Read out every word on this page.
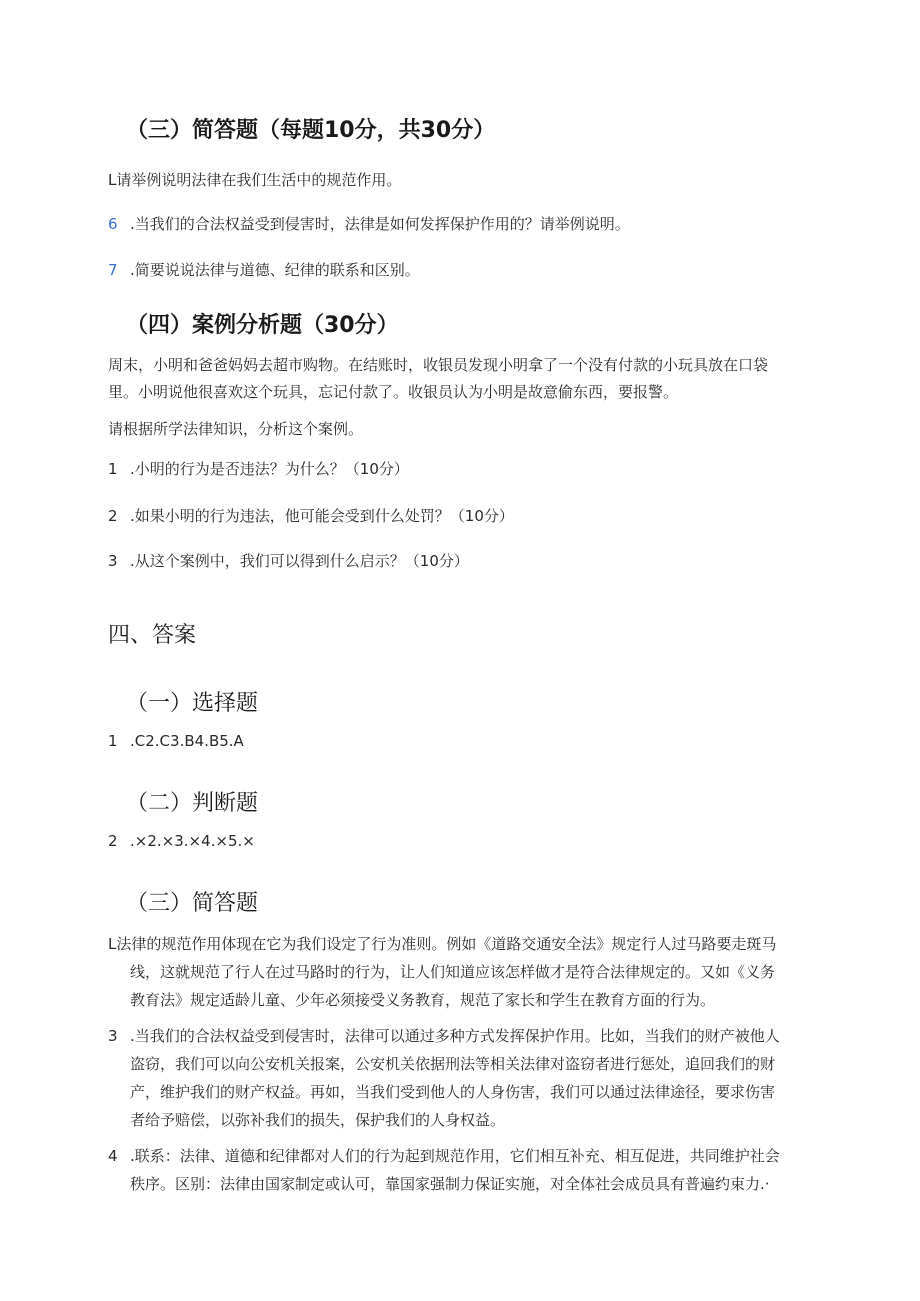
（三）简答题（每题10分，共30分）
L请举例说明法律在我们生活中的规范作用。
6 .当我们的合法权益受到侵害时，法律是如何发挥保护作用的？请举例说明。
7 .简要说说法律与道德、纪律的联系和区别。
（四）案例分析题（30分）
周末，小明和爸爸妈妈去超市购物。在结账时，收银员发现小明拿了一个没有付款的小玩具放在口袋
里。小明说他很喜欢这个玩具，忘记付款了。收银员认为小明是故意偷东西，要报警。
请根据所学法律知识，分析这个案例。
1 .小明的行为是否违法？为什么？（10分）
2 .如果小明的行为违法，他可能会受到什么处罚？（10分）
3 .从这个案例中，我们可以得到什么启示？（10分）
四、答案
（一）选择题
1 .C2.C3.B4.B5.A
（二）判断题
2 .×2.×3.×4.×5.×
（三）简答题
L法律的规范作用体现在它为我们设定了行为准则。例如《道路交通安全法》规定行人过马路要走斑马
线，这就规范了行人在过马路时的行为，让人们知道应该怎样做才是符合法律规定的。又如《义务
教育法》规定适龄儿童、少年必须接受义务教育，规范了家长和学生在教育方面的行为。
3 .当我们的合法权益受到侵害时，法律可以通过多种方式发挥保护作用。比如，当我们的财产被他人
盗窃，我们可以向公安机关报案，公安机关依据刑法等相关法律对盗窃者进行惩处，追回我们的财
产，维护我们的财产权益。再如，当我们受到他人的人身伤害，我们可以通过法律途径，要求伤害
者给予赔偿，以弥补我们的损失，保护我们的人身权益。
4 .联系：法律、道德和纪律都对人们的行为起到规范作用，它们相互补充、相互促进，共同维护社会
秩序。区别：法律由国家制定或认可，靠国家强制力保证实施，对全体社会成员具有普遍约束力.·
